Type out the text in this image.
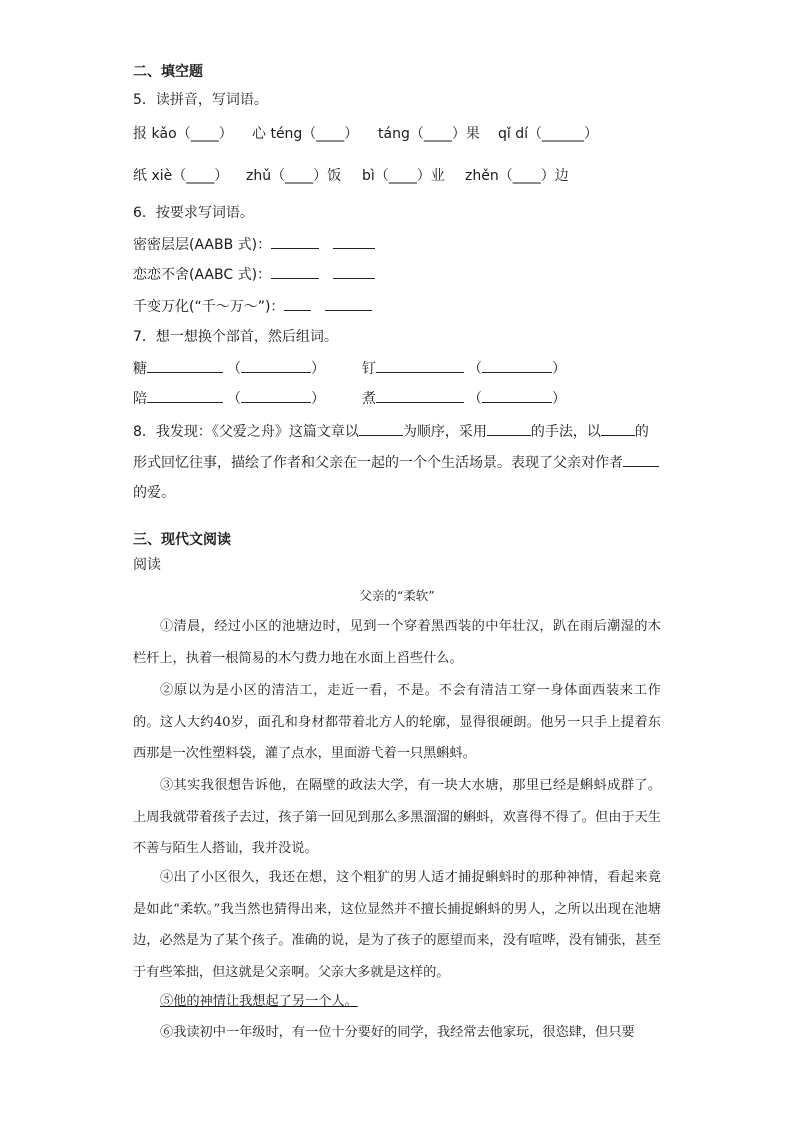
二、填空题
5．读拼音，写词语。
报 kǎo（____） 心 téng（____） táng（____）果 qǐ dí（______）
纸 xiè（____） zhǔ（____）饭 bì（____）业 zhěn（____）边
6．按要求写词语。
密密层层(AABB 式)：
恋恋不舍(AABC 式)：
千变万化(“千～万～”)：
7．想一想换个部首，然后组词。
糖	（	）	钉	（	）
陪	（	）	煮	（	）
8．我发现：《父爱之舟》这篇文章以	为顺序，采用	的手法，以 的
形式回忆往事，描绘了作者和父亲在一起的一个个生活场景。表现了父亲对作者
的爱。
三、现代文阅读
阅读
父亲的“柔软”
①清晨，经过小区的池塘边时，见到一个穿着黑西装的中年壮汉，趴在雨后潮湿的木栏杆上，执着一根简易的木勺费力地在水面上舀些什么。
②原以为是小区的清洁工，走近一看，不是。不会有清洁工穿一身体面西装来工作的。这人大约40岁，面孔和身材都带着北方人的轮廓，显得很硬朗。他另一只手上提着东西那是一次性塑料袋，灌了点水，里面游弋着一只黑蝌蚪。
③其实我很想告诉他，在隔壁的政法大学，有一块大水塘，那里已经是蝌蚪成群了。上周我就带着孩子去过，孩子第一回见到那么多黑溜溜的蝌蚪，欢喜得不得了。但由于天生不善与陌生人搭讪，我并没说。
④出了小区很久，我还在想，这个粗犷的男人适才捕捉蝌蚪时的那种神情，看起来竟是如此“柔软。”我当然也猜得出来，这位显然并不擅长捕捉蝌蚪的男人，之所以出现在池塘边，必然是为了某个孩子。准确的说，是为了孩子的愿望而来，没有喧哗，没有铺张，甚至于有些笨拙，但这就是父亲啊。父亲大多就是这样的。
⑤他的神情让我想起了另一个人。
⑥我读初中一年级时，有一位十分要好的同学，我经常去他家玩，很恣肆，但只要
